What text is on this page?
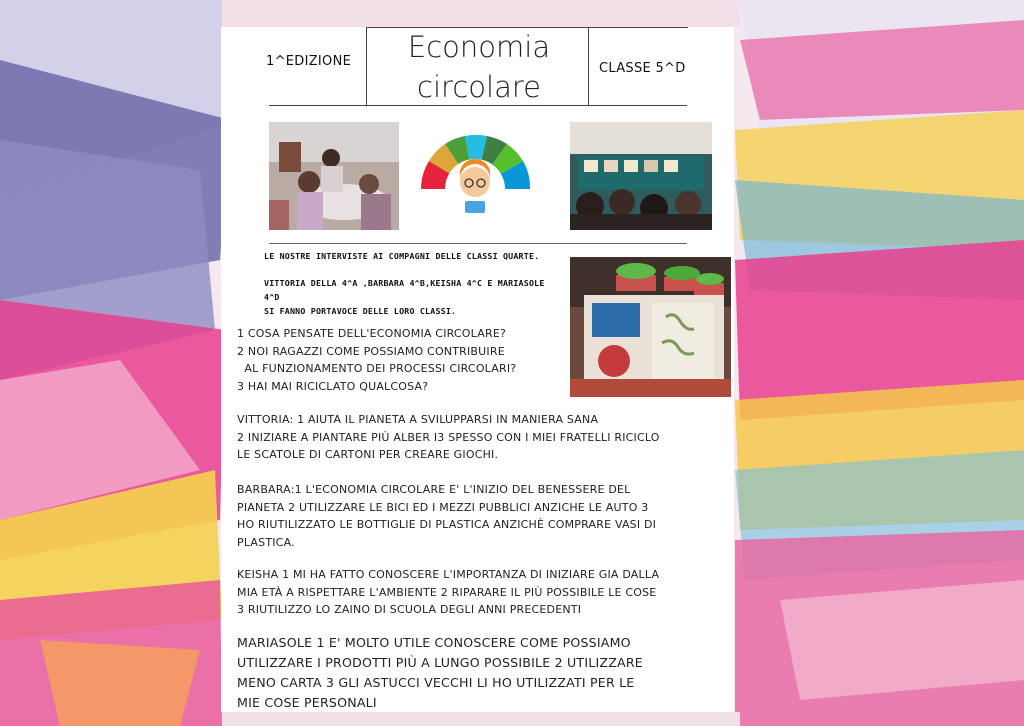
1^EDIZIONE	Economia
circolare
CLASSE 5^D

LE NOSTRE INTERVISTE AI COMPAGNI DELLE CLASSI QUARTE.

VITTORIA DELLA 4^A ,BARBARA 4^B,KEISHA 4^C E MARIASOLE 4^D
SI FANNO PORTAVOCE DELLE LORO CLASSI.
1 COSA PENSATE DELL'ECONOMIA CIRCOLARE?
2 NOI RAGAZZI COME POSSIAMO CONTRIBUIRE
AL FUNZIONAMENTO DEI PROCESSI CIRCOLARI?
3 HAI MAI RICICLATO QUALCOSA?
VITTORIA: 1 AIUTA IL PIANETA A SVILUPPARSI IN MANIERA SANA
2 INIZIARE A PIANTARE PIÙ ALBER I3 SPESSO CON I MIEI FRATELLI RICICLO
LE SCATOLE DI CARTONI PER CREARE GIOCHI.
BARBARA:1 L'ECONOMIA CIRCOLARE E' L'INIZIO DEL BENESSERE DEL
PIANETA 2 UTILIZZARE LE BICI ED I MEZZI PUBBLICI ANZICHE LE AUTO 3
HO RIUTILIZZATO LE BOTTIGLIE DI PLASTICA ANZICHÈ COMPRARE VASI DI
PLASTICA.
KEISHA 1 MI HA FATTO CONOSCERE L'IMPORTANZA DI INIZIARE GIA DALLA
MIA ETÀ A RISPETTARE L'AMBIENTE 2 RIPARARE IL PIÙ POSSIBILE LE COSE
3 RIUTILIZZO LO ZAINO DI SCUOLA DEGLI ANNI PRECEDENTI
MARIASOLE 1 E' MOLTO UTILE CONOSCERE COME POSSIAMO
UTILIZZARE I PRODOTTI PIÙ A LUNGO POSSIBILE 2 UTILIZZARE
MENO CARTA 3 GLI ASTUCCI VECCHI LI HO UTILIZZATI PER LE
MIE COSE PERSONALI
